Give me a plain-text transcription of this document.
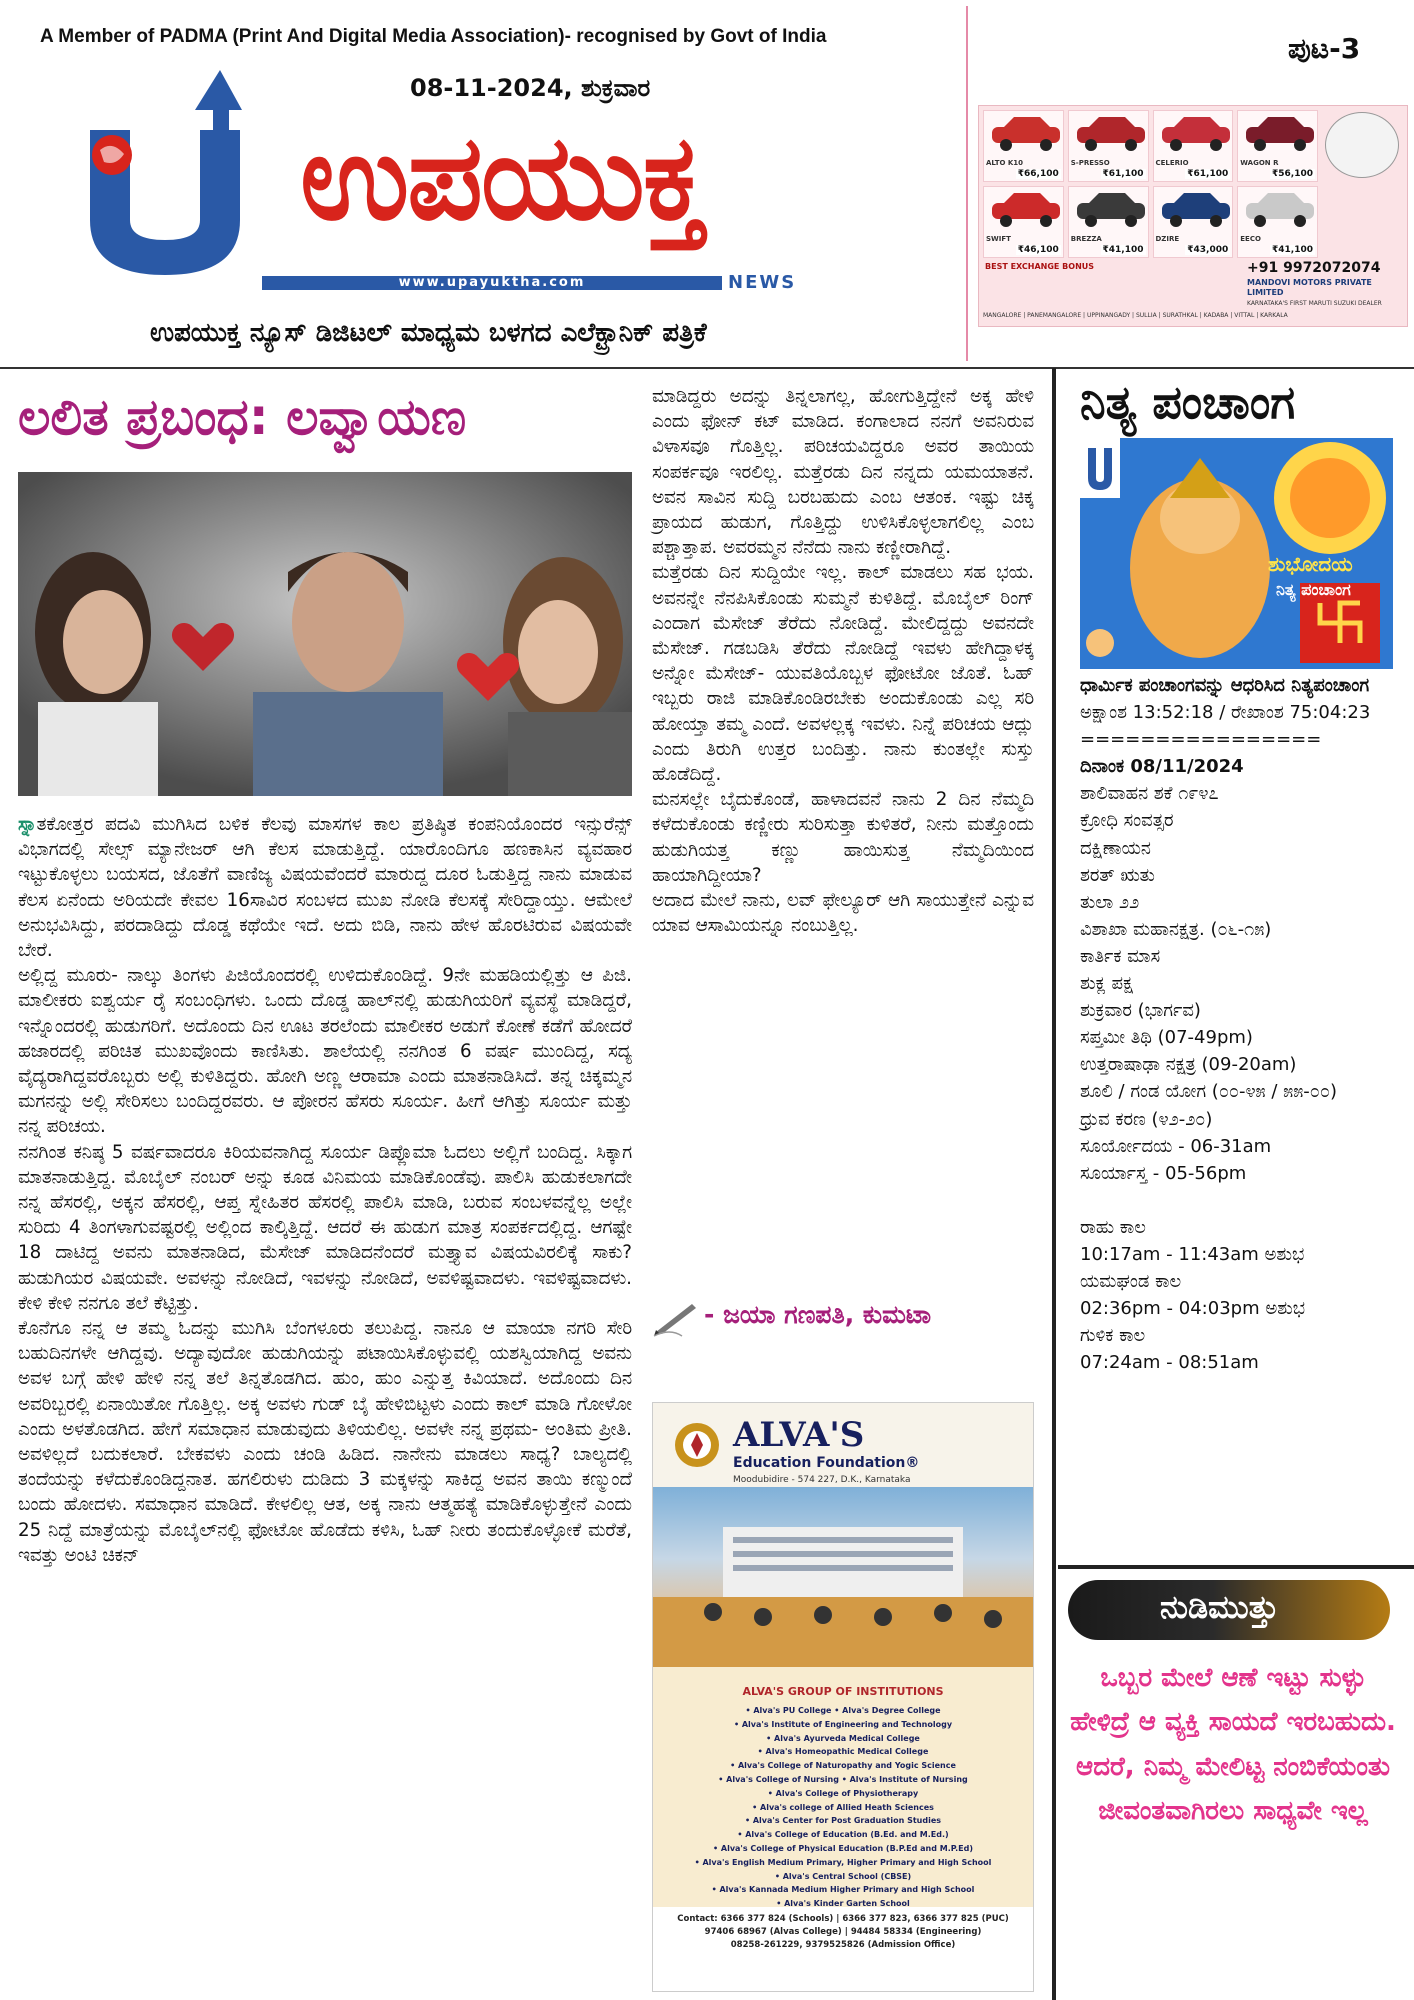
A Member of PADMA (Print And Digital Media Association)- recognised by Govt of India	ಪುಟ-3
08-11-2024, ಶುಕ್ರವಾರ
ಉಪಯುಕ್ತ
www.upayuktha.com	NEWS
ಉಪಯುಕ್ತ ನ್ಯೂಸ್ ಡಿಜಿಟಲ್ ಮಾಧ್ಯಮ ಬಳಗದ ಎಲೆಕ್ಟ್ರಾನಿಕ್ ಪತ್ರಿಕೆ
ALTO K10
₹66,100
S-PRESSO
₹61,100
CELERIO
₹61,100
WAGON R
₹56,100
SWIFT
₹46,100
BREZZA
₹41,100
DZIRE
₹43,000
EECO
₹41,100
BEST EXCHANGE BONUS	+91 9972072074
MANDOVI MOTORS PRIVATE LIMITED
KARNATAKA'S FIRST MARUTI SUZUKI DEALER
MANGALORE | PANEMANGALORE | UPPINANGADY | SULLIA | SURATHKAL | KADABA | VITTAL | KARKALA
ಲಲಿತ ಪ್ರಬಂಧ: ಲವ್ವಾಯಣ

ಸ್ನಾತಕೋತ್ತರ ಪದವಿ ಮುಗಿಸಿದ ಬಳಿಕ ಕೆಲವು ಮಾಸಗಳ ಕಾಲ ಪ್ರತಿಷ್ಠಿತ ಕಂಪನಿಯೊಂದರ ಇನ್ಸುರೆನ್ಸ್ ವಿಭಾಗದಲ್ಲಿ ಸೇಲ್ಸ್ ಮ್ಯಾನೇಜರ್ ಆಗಿ ಕೆಲಸ ಮಾಡುತ್ತಿದ್ದೆ. ಯಾರೊಂದಿಗೂ ಹಣಕಾಸಿನ ವ್ಯವಹಾರ ಇಟ್ಟುಕೊಳ್ಳಲು ಬಯಸದ, ಜೊತೆಗೆ ವಾಣಿಜ್ಯ ವಿಷಯವೆಂದರೆ ಮಾರುದ್ದ ದೂರ ಓಡುತ್ತಿದ್ದ ನಾನು ಮಾಡುವ ಕೆಲಸ ಏನೆಂದು ಅರಿಯದೇ ಕೇವಲ 16ಸಾವಿರ ಸಂಬಳದ ಮುಖ ನೋಡಿ ಕೆಲಸಕ್ಕೆ ಸೇರಿದ್ದಾಯ್ತು. ಆಮೇಲೆ ಅನುಭವಿಸಿದ್ದು, ಪರದಾಡಿದ್ದು ದೊಡ್ಡ ಕಥೆಯೇ ಇದೆ. ಅದು ಬಿಡಿ, ನಾನು ಹೇಳ ಹೊರಟಿರುವ ವಿಷಯವೇ ಬೇರೆ.

ಅಲ್ಲಿದ್ದ ಮೂರು- ನಾಲ್ಕು ತಿಂಗಳು ಪಿಜಿಯೊಂದರಲ್ಲಿ ಉಳಿದುಕೊಂಡಿದ್ದೆ. 9ನೇ ಮಹಡಿಯಲ್ಲಿತ್ತು ಆ ಪಿಜಿ. ಮಾಲೀಕರು ಐಶ್ವರ್ಯ ರೈ ಸಂಬಂಧಿಗಳು. ಒಂದು ದೊಡ್ಡ ಹಾಲ್‌ನಲ್ಲಿ ಹುಡುಗಿಯರಿಗೆ ವ್ಯವಸ್ಥೆ ಮಾಡಿದ್ದರೆ, ಇನ್ನೊಂದರಲ್ಲಿ ಹುಡುಗರಿಗೆ. ಅದೊಂದು ದಿನ ಊಟ ತರಲೆಂದು ಮಾಲೀಕರ ಅಡುಗೆ ಕೋಣೆ ಕಡೆಗೆ ಹೋದರೆ ಹಜಾರದಲ್ಲಿ ಪರಿಚಿತ ಮುಖವೊಂದು ಕಾಣಿಸಿತು. ಶಾಲೆಯಲ್ಲಿ ನನಗಿಂತ 6 ವರ್ಷ ಮುಂದಿದ್ದ, ಸದ್ಯ ವೈದ್ಯರಾಗಿದ್ದವರೊಬ್ಬರು ಅಲ್ಲಿ ಕುಳಿತಿದ್ದರು. ಹೋಗಿ ಅಣ್ಣ ಆರಾಮಾ ಎಂದು ಮಾತನಾಡಿಸಿದೆ. ತನ್ನ ಚಿಕ್ಕಮ್ಮನ ಮಗನನ್ನು ಅಲ್ಲಿ ಸೇರಿಸಲು ಬಂದಿದ್ದರವರು. ಆ ಪೋರನ ಹೆಸರು ಸೂರ್ಯ. ಹೀಗೆ ಆಗಿತ್ತು ಸೂರ್ಯ ಮತ್ತು ನನ್ನ ಪರಿಚಯ.

ನನಗಿಂತ ಕನಿಷ್ಠ 5 ವರ್ಷವಾದರೂ ಕಿರಿಯವನಾಗಿದ್ದ ಸೂರ್ಯ ಡಿಪ್ಲೊಮಾ ಓದಲು ಅಲ್ಲಿಗೆ ಬಂದಿದ್ದ. ಸಿಕ್ಕಾಗ ಮಾತನಾಡುತ್ತಿದ್ದ. ಮೊಬೈಲ್ ನಂಬರ್ ಅನ್ನು ಕೂಡ ವಿನಿಮಯ ಮಾಡಿಕೊಂಡೆವು. ಪಾಲಿಸಿ ಹುಡುಕಲಾಗದೇ ನನ್ನ ಹೆಸರಲ್ಲಿ, ಅಕ್ಕನ ಹೆಸರಲ್ಲಿ, ಆಪ್ತ ಸ್ನೇಹಿತರ ಹೆಸರಲ್ಲಿ ಪಾಲಿಸಿ ಮಾಡಿ, ಬರುವ ಸಂಬಳವನ್ನೆಲ್ಲ ಅಲ್ಲೇ ಸುರಿದು 4 ತಿಂಗಳಾಗುವಷ್ಟರಲ್ಲಿ ಅಲ್ಲಿಂದ ಕಾಲ್ಕಿತ್ತಿದ್ದೆ. ಆದರೆ ಈ ಹುಡುಗ ಮಾತ್ರ ಸಂಪರ್ಕದಲ್ಲಿದ್ದ. ಆಗಷ್ಟೇ 18 ದಾಟಿದ್ದ ಅವನು ಮಾತನಾಡಿದ, ಮೆಸೇಜ್ ಮಾಡಿದನೆಂದರೆ ಮತ್ತ್ಯಾವ ವಿಷಯವಿರಲಿಕ್ಕೆ ಸಾಕು? ಹುಡುಗಿಯರ ವಿಷಯವೇ. ಅವಳನ್ನು ನೋಡಿದೆ, ಇವಳನ್ನು ನೋಡಿದೆ, ಅವಳಿಷ್ಟವಾದಳು. ಇವಳಿಷ್ಟವಾದಳು. ಕೇಳಿ ಕೇಳಿ ನನಗೂ ತಲೆ ಕೆಟ್ಟಿತ್ತು.

ಕೊನೆಗೂ ನನ್ನ ಆ ತಮ್ಮ ಓದನ್ನು ಮುಗಿಸಿ ಬೆಂಗಳೂರು ತಲುಪಿದ್ದ. ನಾನೂ ಆ ಮಾಯಾ ನಗರಿ ಸೇರಿ ಬಹುದಿನಗಳೇ ಆಗಿದ್ದವು. ಅದ್ಯಾವುದೋ ಹುಡುಗಿಯನ್ನು ಪಟಾಯಿಸಿಕೊಳ್ಳುವಲ್ಲಿ ಯಶಸ್ವಿಯಾಗಿದ್ದ ಅವನು ಅವಳ ಬಗ್ಗೆ ಹೇಳಿ ಹೇಳಿ ನನ್ನ ತಲೆ ತಿನ್ನತೊಡಗಿದ. ಹುಂ, ಹುಂ ಎನ್ನುತ್ತ ಕಿವಿಯಾದೆ. ಅದೊಂದು ದಿನ ಅವರಿಬ್ಬರಲ್ಲಿ ಏನಾಯಿತೋ ಗೊತ್ತಿಲ್ಲ. ಅಕ್ಕ ಅವಳು ಗುಡ್ ಬೈ ಹೇಳಿಬಿಟ್ಟಳು ಎಂದು ಕಾಲ್ ಮಾಡಿ ಗೋಳೋ ಎಂದು ಅಳತೊಡಗಿದ. ಹೇಗೆ ಸಮಾಧಾನ ಮಾಡುವುದು ತಿಳಿಯಲಿಲ್ಲ. ಅವಳೇ ನನ್ನ ಪ್ರಥಮ- ಅಂತಿಮ ಪ್ರೀತಿ. ಅವಳಿಲ್ಲದೆ ಬದುಕಲಾರೆ. ಬೇಕವಳು ಎಂದು ಚಂಡಿ ಹಿಡಿದ. ನಾನೇನು ಮಾಡಲು ಸಾಧ್ಯ? ಬಾಲ್ಯದಲ್ಲಿ ತಂದೆಯನ್ನು ಕಳೆದುಕೊಂಡಿದ್ದನಾತ. ಹಗಲಿರುಳು ದುಡಿದು 3 ಮಕ್ಕಳನ್ನು ಸಾಕಿದ್ದ ಅವನ ತಾಯಿ ಕಣ್ಮುಂದೆ ಬಂದು ಹೋದಳು. ಸಮಾಧಾನ ಮಾಡಿದೆ. ಕೇಳಲಿಲ್ಲ ಆತ, ಅಕ್ಕ ನಾನು ಆತ್ಮಹತ್ಯೆ ಮಾಡಿಕೊಳ್ಳುತ್ತೇನೆ ಎಂದು 25 ನಿದ್ದೆ ಮಾತ್ರೆಯನ್ನು ಮೊಬೈಲ್‌ನಲ್ಲಿ ಫೋಟೋ ಹೊಡೆದು ಕಳಿಸಿ, ಓಹ್ ನೀರು ತಂದುಕೊಳ್ಳೋಕೆ ಮರೆತೆ, ಇವತ್ತು ಅಂಟಿ ಚಿಕನ್

ಮಾಡಿದ್ದರು ಅದನ್ನು ತಿನ್ನಲಾಗಲ್ಲ, ಹೋಗುತ್ತಿದ್ದೇನೆ ಅಕ್ಕ ಹೇಳಿ ಎಂದು ಫೋನ್ ಕಟ್ ಮಾಡಿದ. ಕಂಗಾಲಾದ ನನಗೆ ಅವನಿರುವ ವಿಳಾಸವೂ ಗೊತ್ತಿಲ್ಲ. ಪರಿಚಯವಿದ್ದರೂ ಅವರ ತಾಯಿಯ ಸಂಪರ್ಕವೂ ಇರಲಿಲ್ಲ. ಮತ್ತೆರಡು ದಿನ ನನ್ನದು ಯಮಯಾತನೆ. ಅವನ ಸಾವಿನ ಸುದ್ದಿ ಬರಬಹುದು ಎಂಬ ಆತಂಕ. ಇಷ್ಟು ಚಿಕ್ಕ ಪ್ರಾಯದ ಹುಡುಗ, ಗೊತ್ತಿದ್ದು ಉಳಿಸಿಕೊಳ್ಳಲಾಗಲಿಲ್ಲ ಎಂಬ ಪಶ್ಚಾತ್ತಾಪ. ಅವರಮ್ಮನ ನೆನೆದು ನಾನು ಕಣ್ಣೀರಾಗಿದ್ದೆ.

ಮತ್ತೆರಡು ದಿನ ಸುದ್ದಿಯೇ ಇಲ್ಲ. ಕಾಲ್ ಮಾಡಲು ಸಹ ಭಯ. ಅವನನ್ನೇ ನೆನಪಿಸಿಕೊಂಡು ಸುಮ್ಮನೆ ಕುಳಿತಿದ್ದೆ. ಮೊಬೈಲ್ ರಿಂಗ್ ಎಂದಾಗ ಮೆಸೇಜ್ ತೆರೆದು ನೋಡಿದ್ದೆ. ಮೇಲಿದ್ದದ್ದು ಅವನದೇ ಮೆಸೇಜ್. ಗಡಬಡಿಸಿ ತೆರೆದು ನೋಡಿದ್ದೆ ಇವಳು ಹೇಗಿದ್ದಾಳಕ್ಕ ಅನ್ನೋ ಮೆಸೇಜ್- ಯುವತಿಯೊಬ್ಬಳ ಫೋಟೋ ಜೊತೆ. ಓಹ್ ಇಬ್ಬರು ರಾಜಿ ಮಾಡಿಕೊಂಡಿರಬೇಕು ಅಂದುಕೊಂಡು ಎಲ್ಲ ಸರಿ ಹೋಯ್ತಾ ತಮ್ಮ ಎಂದೆ. ಅವಳಲ್ಲಕ್ಕ ಇವಳು. ನಿನ್ನೆ ಪರಿಚಯ ಆದ್ಲು ಎಂದು ತಿರುಗಿ ಉತ್ತರ ಬಂದಿತ್ತು. ನಾನು ಕುಂತಲ್ಲೇ ಸುಸ್ತು ಹೊಡೆದಿದ್ದೆ.

ಮನಸಲ್ಲೇ ಬೈದುಕೊಂಡೆ, ಹಾಳಾದವನೆ ನಾನು 2 ದಿನ ನೆಮ್ಮದಿ ಕಳೆದುಕೊಂಡು ಕಣ್ಣೀರು ಸುರಿಸುತ್ತಾ ಕುಳಿತರೆ, ನೀನು ಮತ್ತೊಂದು ಹುಡುಗಿಯತ್ತ ಕಣ್ಣು ಹಾಯಿಸುತ್ತ ನೆಮ್ಮದಿಯಿಂದ ಹಾಯಾಗಿದ್ದೀಯಾ?

ಅದಾದ ಮೇಲೆ ನಾನು, ಲವ್ ಫೇಲ್ಯೂರ್ ಆಗಿ ಸಾಯುತ್ತೇನೆ ಎನ್ನುವ ಯಾವ ಆಸಾಮಿಯನ್ನೂ ನಂಬುತ್ತಿಲ್ಲ.

- ಜಯಾ ಗಣಪತಿ, ಕುಮಟಾ
ALVA'S
Education Foundation®
Moodubidire - 574 227, D.K., Karnataka
ALVA'S GROUP OF INSTITUTIONS
• Alva's PU College • Alva's Degree College
• Alva's Institute of Engineering and Technology
• Alva's Ayurveda Medical College
• Alva's Homeopathic Medical College
• Alva's College of Naturopathy and Yogic Science
• Alva's College of Nursing • Alva's Institute of Nursing
• Alva's College of Physiotherapy
• Alva's college of Allied Heath Sciences
• Alva's Center for Post Graduation Studies
• Alva's College of Education (B.Ed. and M.Ed.)
• Alva's College of Physical Education (B.P.Ed and M.P.Ed)
• Alva's English Medium Primary, Higher Primary and High School
• Alva's Central School (CBSE)
• Alva's Kannada Medium Higher Primary and High School
• Alva's Kinder Garten School
Contact: 6366 377 824 (Schools) | 6366 377 823, 6366 377 825 (PUC)
97406 68967 (Alvas College) | 94484 58334 (Engineering)
08258-261229, 9379525826 (Admission Office)
ನಿತ್ಯ ಪಂಚಾಂಗ
ಶುಭೋದಯ
ನಿತ್ಯ ಪಂಚಾಂಗ
ಧಾರ್ಮಿಕ ಪಂಚಾಂಗವನ್ನು ಆಧರಿಸಿದ ನಿತ್ಯಪಂಚಾಂಗ
ಅಕ್ಷಾಂಶ 13:52:18 / ರೇಖಾಂಶ 75:04:23
================
ದಿನಾಂಕ 08/11/2024
ಶಾಲಿವಾಹನ ಶಕೆ ೧೯೪೭
ಕ್ರೋಧಿ ಸಂವತ್ಸರ
ದಕ್ಷಿಣಾಯನ
ಶರತ್ ಋತು
ತುಲಾ ೨೨
ವಿಶಾಖಾ ಮಹಾನಕ್ಷತ್ರ. (೦೬-೧೫)
ಕಾರ್ತಿಕ ಮಾಸ
ಶುಕ್ಲ ಪಕ್ಷ
ಶುಕ್ರವಾರ (ಭಾರ್ಗವ)
ಸಪ್ತಮೀ ತಿಥಿ (07-49pm)
ಉತ್ತರಾಷಾಢಾ ನಕ್ಷತ್ರ (09-20am)
ಶೂಲಿ / ಗಂಡ ಯೋಗ (೦೦-೪೫ / ೫೫-೦೦)
ಧ್ರುವ ಕರಣ (೪೨-೨೦)
ಸೂರ್ಯೋದಯ - 06-31am
ಸೂರ್ಯಾಸ್ತ - 05-56pm
ರಾಹು ಕಾಲ
10:17am - 11:43am ಅಶುಭ
ಯಮಘಂಡ ಕಾಲ
02:36pm - 04:03pm ಅಶುಭ
ಗುಳಿಕ ಕಾಲ
07:24am - 08:51am
ನುಡಿಮುತ್ತು
ಒಬ್ಬರ ಮೇಲೆ ಆಣೆ ಇಟ್ಟು ಸುಳ್ಳು ಹೇಳಿದ್ರೆ ಆ ವ್ಯಕ್ತಿ ಸಾಯದೆ ಇರಬಹುದು. ಆದರೆ, ನಿಮ್ಮ ಮೇಲಿಟ್ಟ ನಂಬಿಕೆಯಂತು ಜೀವಂತವಾಗಿರಲು ಸಾಧ್ಯವೇ ಇಲ್ಲ
